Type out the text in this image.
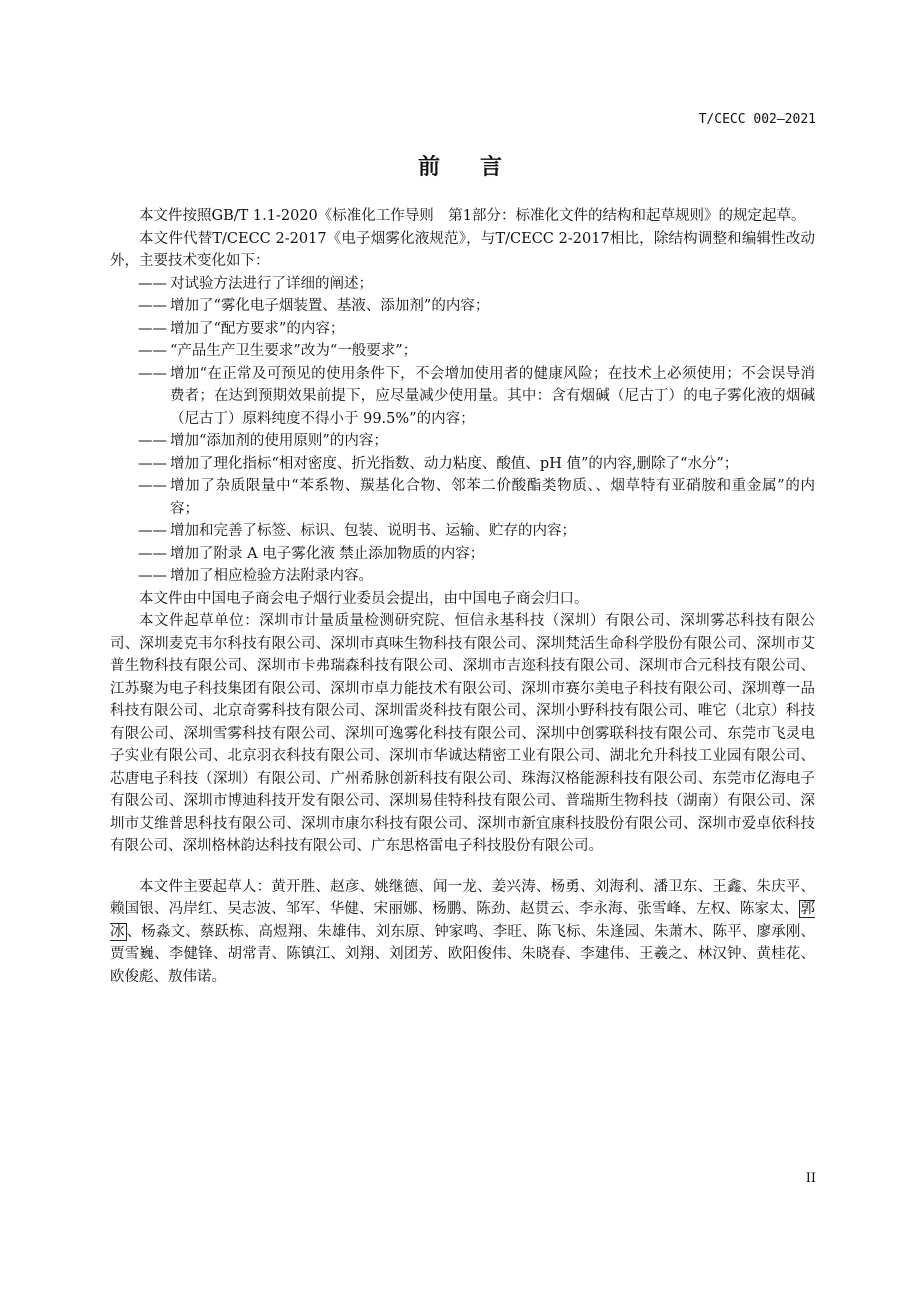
T/CECC 002—2021
前言

本文件按照GB/T 1.1-2020《标准化工作导则　第1部分：标准化文件的结构和起草规则》的规定起草。

本文件代替T/CECC 2-2017《电子烟雾化液规范》，与T/CECC 2-2017相比，除结构调整和编辑性改动外，主要技术变化如下：

—— 对试验方法进行了详细的阐述；

—— 增加了“雾化电子烟装置、基液、添加剂”的内容；

—— 增加了“配方要求”的内容；

—— “产品生产卫生要求”改为“一般要求”；

—— 增加“在正常及可预见的使用条件下，不会增加使用者的健康风险；在技术上必须使用；不会误导消费者；在达到预期效果前提下，应尽量减少使用量。其中：含有烟碱（尼古丁）的电子雾化液的烟碱（尼古丁）原料纯度不得小于 99.5%”的内容；

—— 增加“添加剂的使用原则”的内容；

—— 增加了理化指标“相对密度、折光指数、动力粘度、酸值、pH 值”的内容,删除了“水分”；

—— 增加了杂质限量中“苯系物、羰基化合物、邻苯二价酸酯类物质、、烟草特有亚硝胺和重金属”的内容；

—— 增加和完善了标签、标识、包装、说明书、运输、贮存的内容；

—— 增加了附录 A 电子雾化液 禁止添加物质的内容；

—— 增加了相应检验方法附录内容。

本文件由中国电子商会电子烟行业委员会提出，由中国电子商会归口。

本文件起草单位：深圳市计量质量检测研究院、恒信永基科技（深圳）有限公司、深圳雾芯科技有限公司、深圳麦克韦尔科技有限公司、深圳市真味生物科技有限公司、深圳梵活生命科学股份有限公司、深圳市艾普生物科技有限公司、深圳市卡弗瑞森科技有限公司、深圳市吉迩科技有限公司、深圳市合元科技有限公司、江苏聚为电子科技集团有限公司、深圳市卓力能技术有限公司、深圳市赛尔美电子科技有限公司、深圳尊一品科技有限公司、北京奇雾科技有限公司、深圳雷炎科技有限公司、深圳小野科技有限公司、唯它（北京）科技有限公司、深圳雪雾科技有限公司、深圳可逸雾化科技有限公司、深圳中创雾联科技有限公司、东莞市飞灵电子实业有限公司、北京羽衣科技有限公司、深圳市华诚达精密工业有限公司、湖北允升科技工业园有限公司、芯唐电子科技（深圳）有限公司、广州希脉创新科技有限公司、珠海汉格能源科技有限公司、东莞市亿海电子有限公司、深圳市博迪科技开发有限公司、深圳易佳特科技有限公司、普瑞斯生物科技（湖南）有限公司、深圳市艾维普思科技有限公司、深圳市康尔科技有限公司、深圳市新宜康科技股份有限公司、深圳市爱卓依科技有限公司、深圳格林韵达科技有限公司、广东思格雷电子科技股份有限公司。

本文件主要起草人：黄开胜、赵彦、姚继德、闻一龙、姜兴涛、杨勇、刘海利、潘卫东、王鑫、朱庆平、赖国银、冯岸红、吴志波、邹军、华健、宋丽娜、杨鹏、陈劲、赵贯云、李永海、张雪峰、左权、陈家太、 郭冰 、杨淼文、蔡跃栋、高煜翔、朱雄伟、刘东原、钟家鸣、李旺、陈飞标、朱逢园、朱萧木、陈平、廖承刚、贾雪巍、李健锋、胡常青、陈镇江、刘翔、刘团芳、欧阳俊伟、朱晓春、李建伟、王羲之、林汉钟、黄桂花、欧俊彪、敖伟诺。

II
